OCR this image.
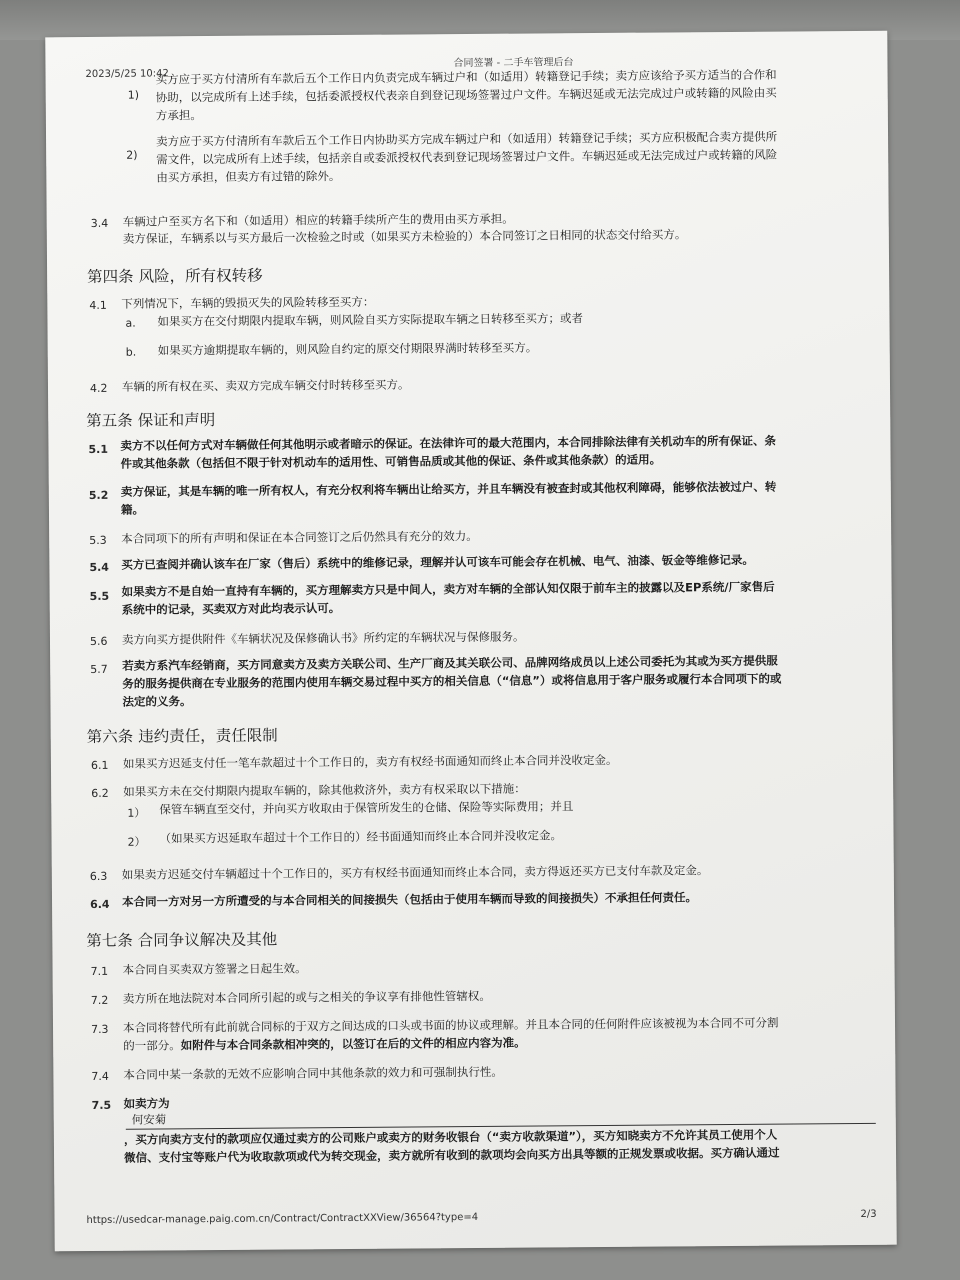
2023/5/25 10:42
合同签署 - 二手车管理后台
1)
买方应于买方付清所有车款后五个工作日内负责完成车辆过户和（如适用）转籍登记手续；卖方应该给予买方适当的合作和
协助，以完成所有上述手续，包括委派授权代表亲自到登记现场签署过户文件。车辆迟延或无法完成过户或转籍的风险由买
方承担。
2)
卖方应于买方付清所有车款后五个工作日内协助买方完成车辆过户和（如适用）转籍登记手续；买方应积极配合卖方提供所
需文件，以完成所有上述手续，包括亲自或委派授权代表到登记现场签署过户文件。车辆迟延或无法完成过户或转籍的风险
由买方承担，但卖方有过错的除外。
3.4 车辆过户至买方名下和（如适用）相应的转籍手续所产生的费用由买方承担。
卖方保证，车辆系以与买方最后一次检验之时或（如果买方未检验的）本合同签订之日相同的状态交付给买方。
第四条 风险，所有权转移
4.1 下列情况下，车辆的毁损灭失的风险转移至买方：
a. 如果买方在交付期限内提取车辆，则风险自买方实际提取车辆之日转移至买方；或者
b. 如果买方逾期提取车辆的，则风险自约定的原交付期限界满时转移至买方。
4.2 车辆的所有权在买、卖双方完成车辆交付时转移至买方。
第五条 保证和声明
5.1 卖方不以任何方式对车辆做任何其他明示或者暗示的保证。在法律许可的最大范围内，本合同排除法律有关机动车的所有保证、条
件或其他条款（包括但不限于针对机动车的适用性、可销售品质或其他的保证、条件或其他条款）的适用。
5.2 卖方保证，其是车辆的唯一所有权人，有充分权利将车辆出让给买方，并且车辆没有被查封或其他权利障碍，能够依法被过户、转
籍。
5.3 本合同项下的所有声明和保证在本合同签订之后仍然具有充分的效力。
5.4 买方已查阅并确认该车在厂家（售后）系统中的维修记录，理解并认可该车可能会存在机械、电气、油漆、钣金等维修记录。
5.5 如果卖方不是自始一直持有车辆的，买方理解卖方只是中间人，卖方对车辆的全部认知仅限于前车主的披露以及EP系统/厂家售后
系统中的记录，买卖双方对此均表示认可。
5.6 卖方向买方提供附件《车辆状况及保修确认书》所约定的车辆状况与保修服务。
5.7 若卖方系汽车经销商，买方同意卖方及卖方关联公司、生产厂商及其关联公司、品牌网络成员以上述公司委托为其或为买方提供服
务的服务提供商在专业服务的范围内使用车辆交易过程中买方的相关信息（“信息”）或将信息用于客户服务或履行本合同项下的或
法定的义务。
第六条 违约责任，责任限制
6.1 如果买方迟延支付任一笔车款超过十个工作日的，卖方有权经书面通知而终止本合同并没收定金。
6.2 如果买方未在交付期限内提取车辆的，除其他救济外，卖方有权采取以下措施：
1） 保管车辆直至交付，并向买方收取由于保管所发生的仓储、保险等实际费用；并且
2） （如果买方迟延取车超过十个工作日的）经书面通知而终止本合同并没收定金。
6.3 如果卖方迟延交付车辆超过十个工作日的，买方有权经书面通知而终止本合同，卖方得返还买方已支付车款及定金。
6.4 本合同一方对另一方所遭受的与本合同相关的间接损失（包括由于使用车辆而导致的间接损失）不承担任何责任。
第七条 合同争议解决及其他
7.1 本合同自买卖双方签署之日起生效。
7.2 卖方所在地法院对本合同所引起的或与之相关的争议享有排他性管辖权。
7.3 本合同将替代所有此前就合同标的于双方之间达成的口头或书面的协议或理解。并且本合同的任何附件应该被视为本合同不可分割
的一部分。如附件与本合同条款相冲突的，以签订在后的文件的相应内容为准。
7.4 本合同中某一条款的无效不应影响合同中其他条款的效力和可强制执行性。
7.5 如卖方为
何安菊
，买方向卖方支付的款项应仅通过卖方的公司账户或卖方的财务收银台（“卖方收款渠道”），买方知晓卖方不允许其员工使用个人
微信、支付宝等账户代为收取款项或代为转交现金，卖方就所有收到的款项均会向买方出具等额的正规发票或收据。买方确认通过
https://usedcar-manage.paig.com.cn/Contract/ContractXXView/36564?type=4	2/3
